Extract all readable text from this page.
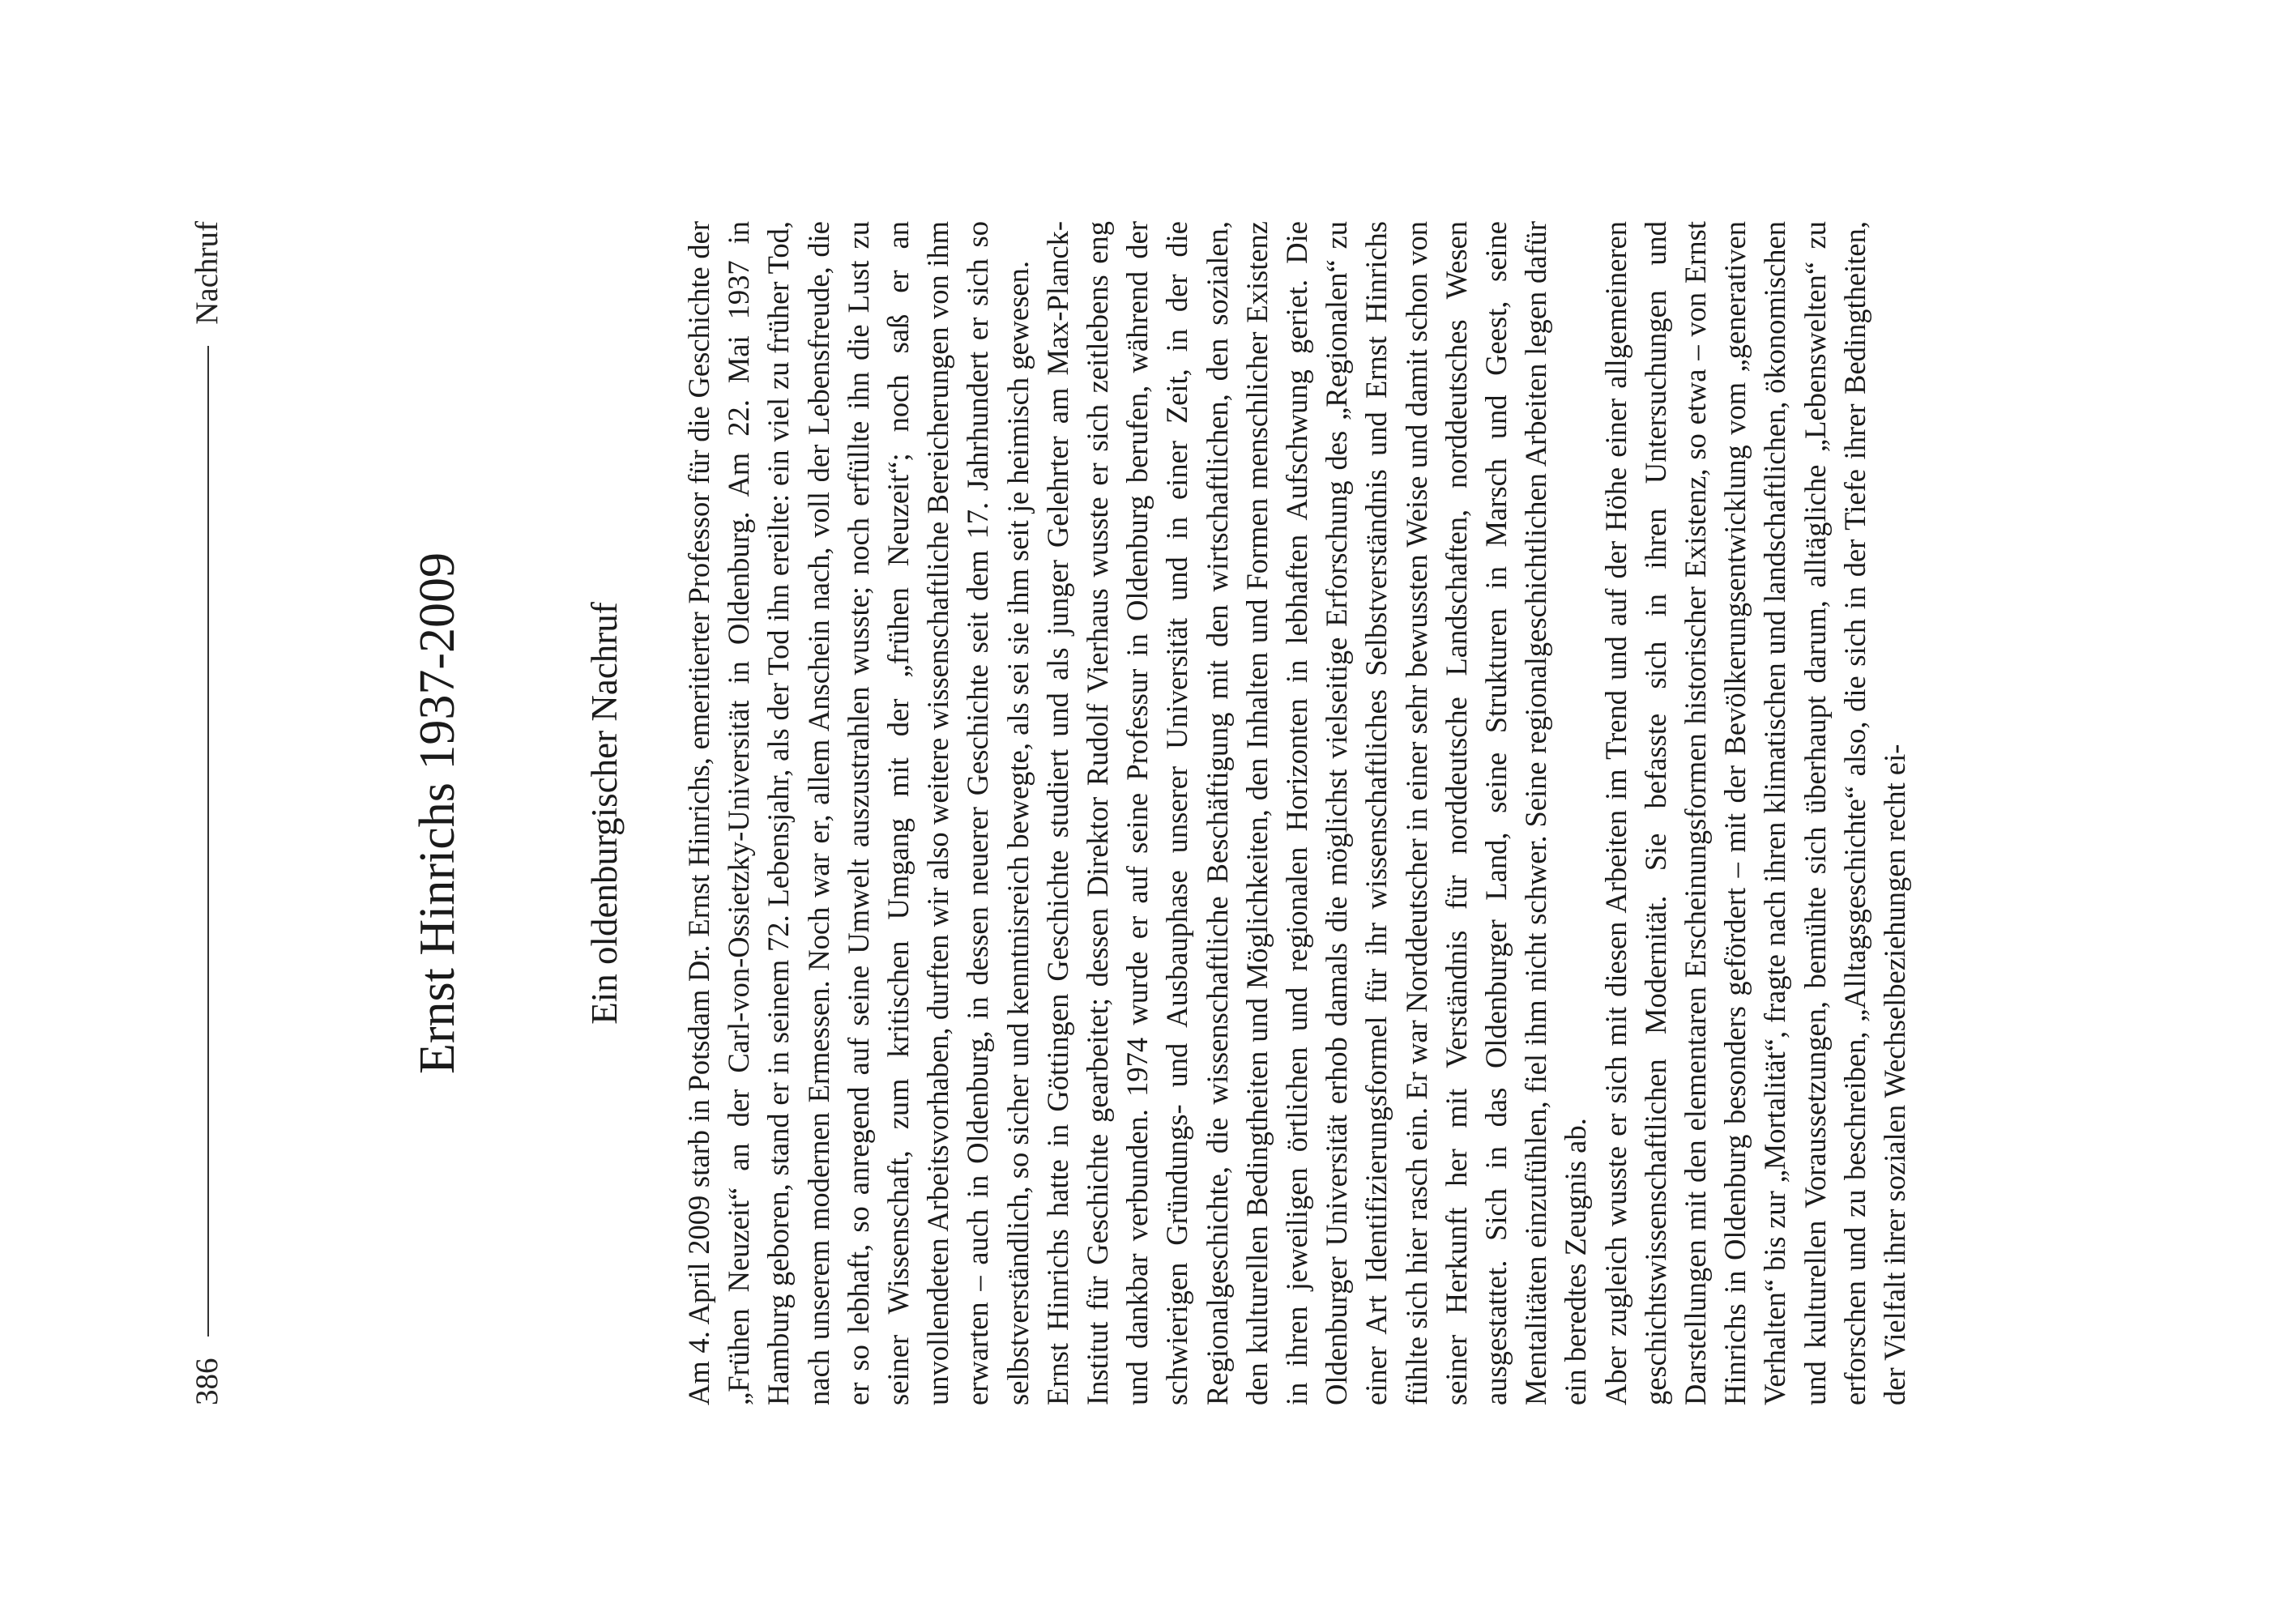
386
Nachruf
Ernst Hinrichs 1937-2009	Ein oldenburgischer Nachruf Am 4. April 2009 starb in Potsdam Dr. Ernst Hinrichs, emeritierter Professor für die Geschichte der „Frühen Neuzeit“ an der Carl-von-Ossietzky-Universität in Oldenburg. Am 22. Mai 1937 in Hamburg geboren, stand er in seinem 72. Lebensjahr, als der Tod ihn ereilte: ein viel zu früher Tod, nach unserem modernen Ermessen. Noch war er, allem Anschein nach, voll der Lebensfreude, die er so lebhaft, so anregend auf seine Umwelt auszustrahlen wusste; noch erfüllte ihn die Lust zu seiner Wissenschaft, zum kritischen Umgang mit der „frühen Neuzeit“; noch saß er an unvollendeten Arbeitsvorhaben, durften wir also weitere wissenschaftliche Bereicherungen von ihm erwarten – auch in Oldenburg, in dessen neuerer Geschichte seit dem 17. Jahrhundert er sich so selbstverständlich, so sicher und kenntnisreich bewegte, als sei sie ihm seit je heimisch gewesen. Ernst Hinrichs hatte in Göttingen Geschichte studiert und als junger Gelehrter am Max-Planck-Institut für Geschichte gearbeitet; dessen Direktor Rudolf Vierhaus wusste er sich zeitlebens eng und dankbar verbunden. 1974 wurde er auf seine Professur in Oldenburg berufen, während der schwierigen Gründungs- und Ausbauphase unserer Universität und in einer Zeit, in der die Regionalgeschichte, die wissenschaftliche Beschäftigung mit den wirtschaftlichen, den sozialen, den kulturellen Bedingtheiten und Möglichkeiten, den Inhalten und Formen menschlicher Existenz in ihren jeweiligen örtlichen und regionalen Horizonten in lebhaften Aufschwung geriet. Die Oldenburger Universität erhob damals die möglichst vielseitige Erforschung des „Regionalen“ zu einer Art Identifizierungsformel für ihr wissenschaftliches Selbstverständnis und Ernst Hinrichs fühlte sich hier rasch ein. Er war Norddeutscher in einer sehr bewussten Weise und damit schon von seiner Herkunft her mit Verständnis für norddeutsche Landschaften, norddeutsches Wesen ausgestattet. Sich in das Oldenburger Land, seine Strukturen in Marsch und Geest, seine Mentalitäten einzufühlen, fiel ihm nicht schwer. Seine regionalgeschichtlichen Arbeiten legen dafür ein beredtes Zeugnis ab. Aber zugleich wusste er sich mit diesen Arbeiten im Trend und auf der Höhe einer allgemeineren geschichtswissenschaftlichen Modernität. Sie befasste sich in ihren Untersuchungen und Darstellungen mit den elementaren Erscheinungsformen historischer Existenz, so etwa – von Ernst Hinrichs in Oldenburg besonders gefördert – mit der Bevölkerungsentwicklung vom „generativen Verhalten“ bis zur „Mortalität“, fragte nach ihren klimatischen und landschaftlichen, ökonomischen und kulturellen Voraussetzungen, bemühte sich überhaupt darum, alltägliche „Lebenswelten“ zu erforschen und zu beschreiben, „Alltagsgeschichte“ also, die sich in der Tiefe ihrer Bedingtheiten, der Vielfalt ihrer sozialen Wechselbeziehungen recht ei-
